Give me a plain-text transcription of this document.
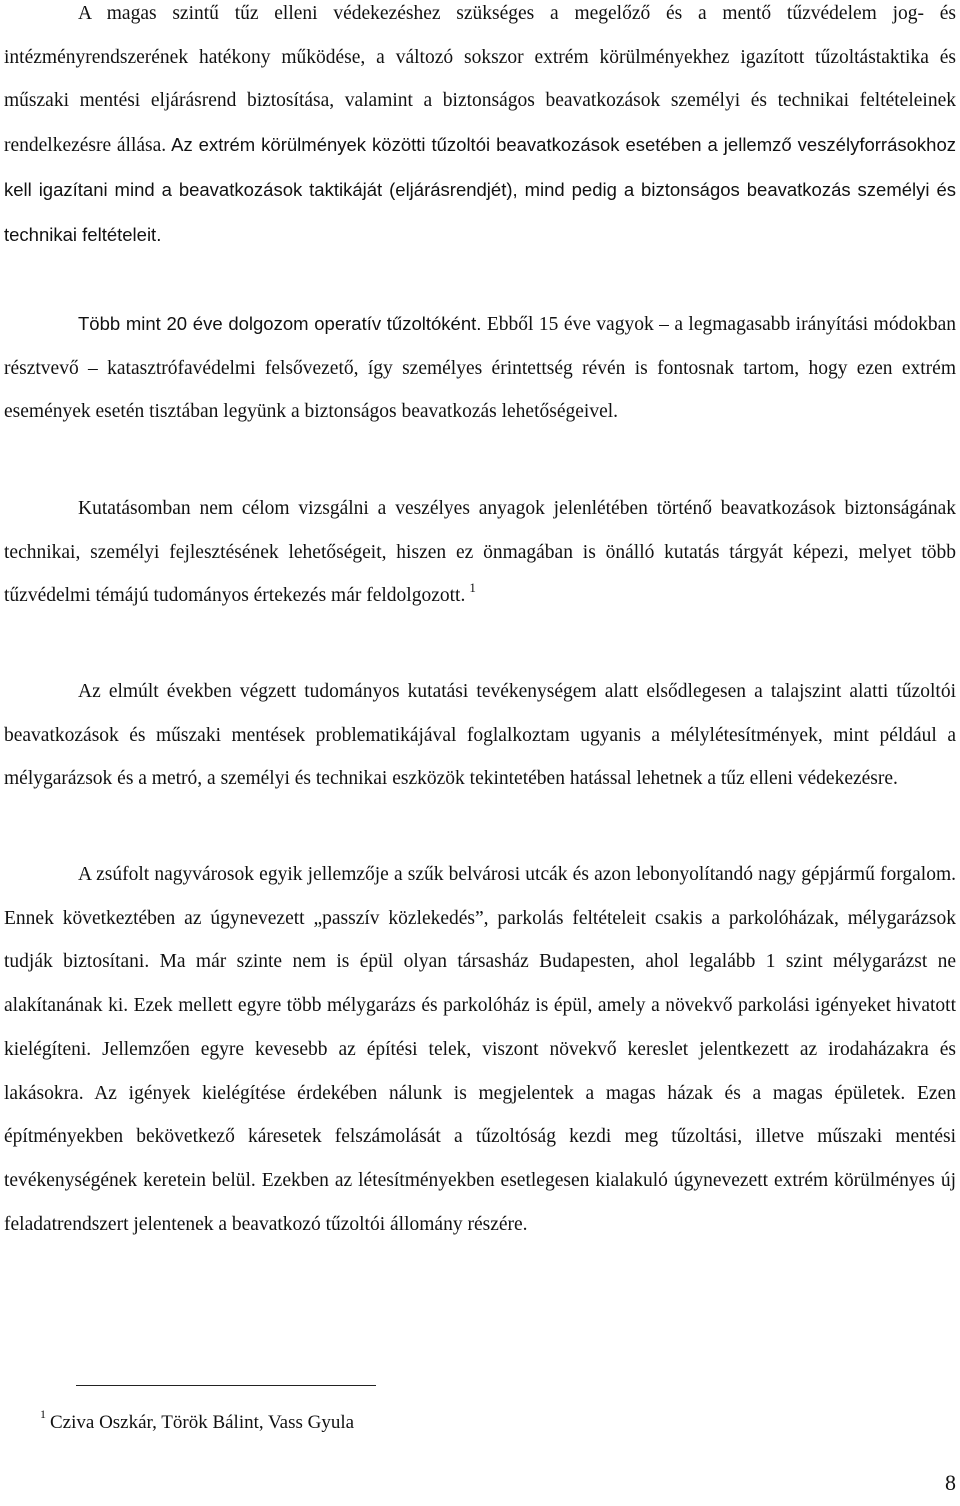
A magas szintű tűz elleni védekezéshez szükséges a megelőző és a mentő tűzvédelem jog- és intézményrendszerének hatékony működése, a változó sokszor extrém körülményekhez igazított tűzoltástaktika és műszaki mentési eljárásrend biztosítása, valamint a biztonságos beavatkozások személyi és technikai feltételeinek rendelkezésre állása. Az extrém körülmények közötti tűzoltói beavatkozások esetében a jellemző veszélyforrásokhoz kell igazítani mind a beavatkozások taktikáját (eljárásrendjét), mind pedig a biztonságos beavatkozás személyi és technikai feltételeit.

Több mint 20 éve dolgozom operatív tűzoltóként. Ebből 15 éve vagyok – a legmagasabb irányítási módokban résztvevő – katasztrófavédelmi felsővezető, így személyes érintettség révén is fontosnak tartom, hogy ezen extrém események esetén tisztában legyünk a biztonságos beavatkozás lehetőségeivel.

Kutatásomban nem célom vizsgálni a veszélyes anyagok jelenlétében történő beavatkozások biztonságának technikai, személyi fejlesztésének lehetőségeit, hiszen ez önmagában is önálló kutatás tárgyát képezi, melyet több tűzvédelmi témájú tudományos értekezés már feldolgozott. $^1$

Az elmúlt években végzett tudományos kutatási tevékenységem alatt elsődlegesen a talajszint alatti tűzoltói beavatkozások és műszaki mentések problematikájával foglalkoztam ugyanis a mélylétesítmények, mint például a mélygarázsok és a metró, a személyi és technikai eszközök tekintetében hatással lehetnek a tűz elleni védekezésre.

A zsúfolt nagyvárosok egyik jellemzője a szűk belvárosi utcák és azon lebonyolítandó nagy gépjármű forgalom. Ennek következtében az úgynevezett „passzív közlekedés”, parkolás feltételeit csakis a parkolóházak, mélygarázsok tudják biztosítani. Ma már szinte nem is épül olyan társasház Budapesten, ahol legalább 1 szint mélygarázst ne alakítanának ki. Ezek mellett egyre több mélygarázs és parkolóház is épül, amely a növekvő parkolási igényeket hivatott kielégíteni. Jellemzően egyre kevesebb az építési telek, viszont növekvő kereslet jelentkezett az irodaházakra és lakásokra. Az igények kielégítése érdekében nálunk is megjelentek a magas házak és a magas épületek. Ezen építményekben bekövetkező káresetek felszámolását a tűzoltóság kezdi meg tűzoltási, illetve műszaki mentési tevékenységének keretein belül. Ezekben az létesítményekben esetlegesen kialakuló úgynevezett extrém körülményes új feladatrendszert jelentenek a beavatkozó tűzoltói állomány részére.

$^1$ Cziva Oszkár, Török Bálint, Vass Gyula
8
